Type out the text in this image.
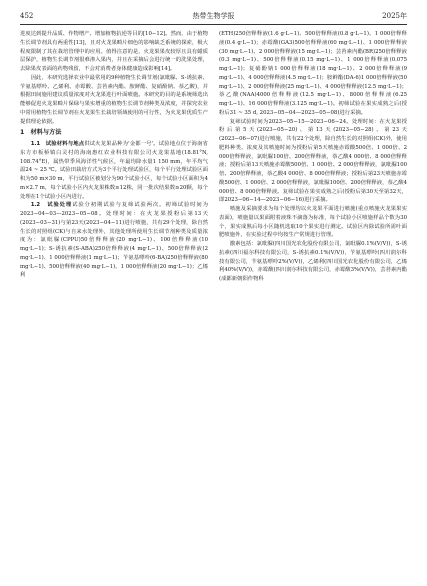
452	热带生物学报	2025年

进度达到提升品质、作物增产、增加植物抗逆等目的[10−12]。然而，由于植物生长调节剂具有两重性[13]，且对火龙果畸片细色的影响缺乏系统的探索，极大程度限制了其在栽培管理中的应用。值得注意的是，火龙果果皮较厚且具有蜡质层保护，植物生长调节剂很难渗入果内，并且在采摘后会进行统一的洗果处理，去除果皮表面的药物残留，不会对消费者身体健康造成影响[14]。

因此，本研究选择农业中最常用的9种植物生长调节剂(氯吡脲、S-诱抗素、苄氨基嘌呤、乙烯利、赤霉酸、芸苔素内酯、胺鲜酯、复硝酚钠、萘乙酸)，并根据田间施用建议质量浓度对火龙果进行叶面喷施。本研究的目的是系统筛选出能够促进火龙果畸片保绿与果实增重的植物生长调节剂种类及浓度，并探究农业中常用植物生长调节剂在火龙果生长栽培领域使用的可行性，为火龙果优质生产提供理论依据。

1　材料与方法

1.1　试验材料与地点供试火龙果品种为'金都一号'。试验地点位于海南省东方市板桥镇白灵村的海南惠红农业科技有限公司火龙果基地(18.81°N, 108.74°E)，属热带季风海洋性气候区，年最均降水量1 150 mm，年平均气温24 ~ 25 ℃。试验田栽培方式为3个平行处理试验区，每个平行处理试验区面积为50 m×30 m，平行试验区被划分为90个试验小区，每个试验小区面积为4 m×2.7 m，每个试验小区内火龙果株数≥12株，同一批次结果数≥20颗，每个处理在1个试验小区内进行。

1.2　试验处理试验分初期试验与复筛试验两次。初筛试验时间为2023−04−03—2023−05−08。处理时间：在火龙果授粉后第13天(2023−03−31)与第23天(2023−04−11)进行喷施，共有29个处理，除自然生长的对照组(CK)与自来水处理外，其他处理所使用生长调节剂种类及质量浓度为：氯吡脲(CPPU)50倍释释液(20 mg·L−1)、100倍释释液(10 mg·L−1)；S-诱抗素(S-ABA)250倍释释液(4 mg·L−1)、500倍释释液(2 mg·L−1)、1 000倍释释液(1 mg·L−1)；苄氨基嘌呤(6-BA)250倍释释液(80 mg·L−1)、500倍释释液(40 mg·L−1)、1 000倍释释液(20 mg·L−1)；乙烯利

(ETH)250倍释释液(1.6 g·L−1)、500倍释释液(0.8 g·L−1)、1 000倍释释液(0.4 g·L−1)；赤霉酸(GA3)500倍释释液(60 mg·L−1)、1 000倍释释液(30 mg·L−1)、2 000倍释释液(15 mg·L−1)；芸苔素内酯(BR)250倍释释液(0.3 mg·L−1)、500倍释释液(0.15 mg·L−1)、1 000倍释释液(0.075 mg·L−1)；复硝酚钠1 000倍释释液(18 mg·L−1)、2 000倍释释液(9 mg·L−1)、4 000倍释释液(4.5 mg·L−1)；胺鲜酯(DA-6)1 000倍释释液(50 mg·L−1)、2 000倍释释液(25 mg·L−1)、4 000倍释释液(12.5 mg·L−1)；萘乙酸(NAA)4000倍释释液(12.5 mg·L−1)、8000倍释释液(6.25 mg·L−1)、16 000倍释释液(3.125 mg·L−1)。初筛试验在果实成熟之后(授粉后31 ~ 35 d, 2023−05−04—2023−05−08)进行采摘。

复筛试验时间为2023−05−15—2023−06−24。处理时间：在火龙果授粉后第5天(2023−05−20)、第13天(2023−05−28)、第23天(2023−06−07)进行喷施，共有22个处理，除自然生长的对照组(CK)外，使用肥料种类、浓度及其喷施时间为授粉后第5天喷施赤霉酸500倍、1 000倍、2 000倍释释液，氯吡脲100倍、200倍释释液，萘乙酸4 000倍、8 000倍释释液；授粉后第13天喷施赤霉酸500倍、1 000倍、2 000倍释释液，氯吡脲100倍、200倍释释液，萘乙酸4 000倍、8 000倍释释液；授粉后第23天喷施赤霉酸500倍、1 000倍、2 000倍释释液，氯吡脲100倍、200倍释释液，萘乙酸4 000倍、8 000倍释释液。复筛试验在果实成熟之后(授粉后第30天至第32天，即2023−06−14—2023−06−16)进行采摘。

喷施及采摘要求为每个处理均以火龙果平面进行喷施(重点喷施火龙果果实表面)，喷施量以果面附着液珠不滴落为标准，每个试验小区喷施样品个数为30个，果实成熟后每小区随机选取10个果实进行测定。试验区内除试验所需叶面肥喷施外，在实验过程中均按生产常规进行管理。

激素包括：氯吡脲(四川国光农化股份有限公司，氯吡脲0.1%(V/V))，S-诱抗素(四川福尔科技有限公司，S-诱抗素0.1%(V/V))，苄氨基嘌呤(四川润尔科技有限公司，苄氨基嘌呤2%(V/V))，乙烯利(四川国光农化股份有限公司，乙烯利40%(V/V))，赤霉酸(四川润尔科技有限公司，赤霉酸3%(V/V))，芸苔素内酯(成都新朝阳作物科
